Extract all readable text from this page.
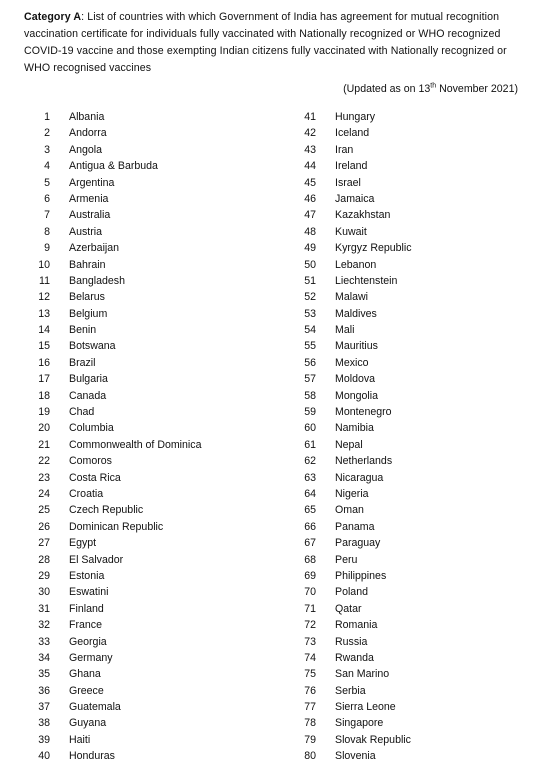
Category A: List of countries with which Government of India has agreement for mutual recognition vaccination certificate for individuals fully vaccinated with Nationally recognized or WHO recognized COVID-19 vaccine and those exempting Indian citizens fully vaccinated with Nationally recognized or WHO recognised vaccines
(Updated as on 13th November 2021)
1 Albania
2 Andorra
3 Angola
4 Antigua & Barbuda
5 Argentina
6 Armenia
7 Australia
8 Austria
9 Azerbaijan
10 Bahrain
11 Bangladesh
12 Belarus
13 Belgium
14 Benin
15 Botswana
16 Brazil
17 Bulgaria
18 Canada
19 Chad
20 Columbia
21 Commonwealth of Dominica
22 Comoros
23 Costa Rica
24 Croatia
25 Czech Republic
26 Dominican Republic
27 Egypt
28 El Salvador
29 Estonia
30 Eswatini
31 Finland
32 France
33 Georgia
34 Germany
35 Ghana
36 Greece
37 Guatemala
38 Guyana
39 Haiti
40 Honduras
41 Hungary
42 Iceland
43 Iran
44 Ireland
45 Israel
46 Jamaica
47 Kazakhstan
48 Kuwait
49 Kyrgyz Republic
50 Lebanon
51 Liechtenstein
52 Malawi
53 Maldives
54 Mali
55 Mauritius
56 Mexico
57 Moldova
58 Mongolia
59 Montenegro
60 Namibia
61 Nepal
62 Netherlands
63 Nicaragua
64 Nigeria
65 Oman
66 Panama
67 Paraguay
68 Peru
69 Philippines
70 Poland
71 Qatar
72 Romania
73 Russia
74 Rwanda
75 San Marino
76 Serbia
77 Sierra Leone
78 Singapore
79 Slovak Republic
80 Slovenia
